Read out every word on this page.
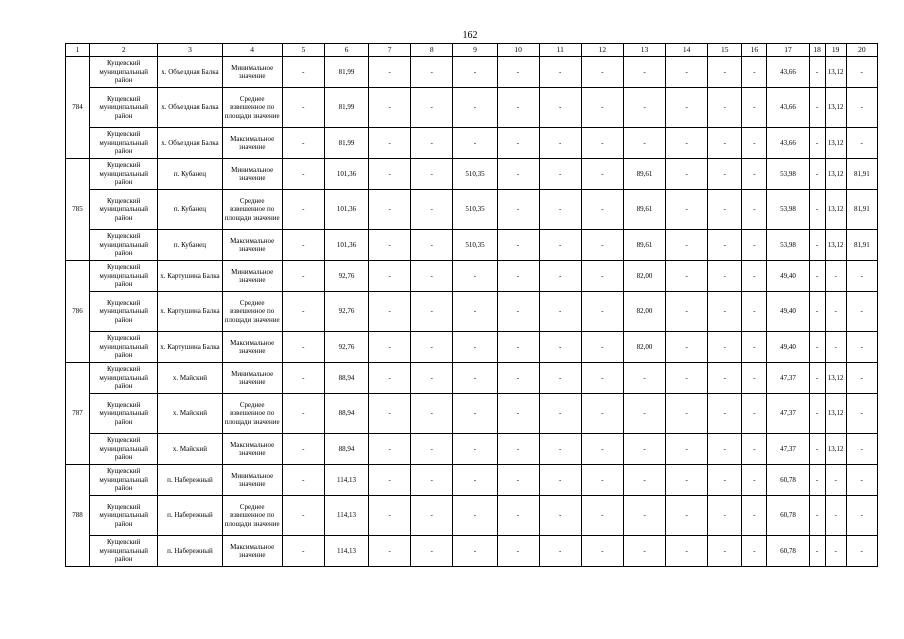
162
1	2	3	4	5	6	7	8	9	10	11	12	13	14	15	16	17	18	19	20
784	Кущевский муниципальный район	х. Объездная Балка	Минимальное значение	-	81,99	-	-	-	-	-	-	-	-	-	-	43,66	-	13,12	-
	Кущевский муниципальный район	х. Объездная Балка	Среднее взвешенное по площади значение	-	81,99	-	-	-	-	-	-	-	-	-	-	43,66	-	13,12	-
	Кущевский муниципальный район	х. Объездная Балка	Максимальное значение	-	81,99	-	-	-	-	-	-	-	-	-	-	43,66	-	13,12	-
785	Кущевский муниципальный район	п. Кубанец	Минимальное значение	-	101,36	-	-	510,35	-	-	-	89,61	-	-	-	53,98	-	13,12	81,91
	Кущевский муниципальный район	п. Кубанец	Среднее взвешенное по площади значение	-	101,36	-	-	510,35	-	-	-	89,61	-	-	-	53,98	-	13,12	81,91
	Кущевский муниципальный район	п. Кубанец	Максимальное значение	-	101,36	-	-	510,35	-	-	-	89,61	-	-	-	53,98	-	13,12	81,91
786	Кущевский муниципальный район	х. Картушина Балка	Минимальное значение	-	92,76	-	-	-	-	-	-	82,00	-	-	-	49,40	-	-	-
	Кущевский муниципальный район	х. Картушина Балка	Среднее взвешенное по площади значение	-	92,76	-	-	-	-	-	-	82,00	-	-	-	49,40	-	-	-
	Кущевский муниципальный район	х. Картушина Балка	Максимальное значение	-	92,76	-	-	-	-	-	-	82,00	-	-	-	49,40	-	-	-
787	Кущевский муниципальный район	х. Майский	Минимальное значение	-	88,94	-	-	-	-	-	-	-	-	-	-	47,37	-	13,12	-
	Кущевский муниципальный район	х. Майский	Среднее взвешенное по площади значение	-	88,94	-	-	-	-	-	-	-	-	-	-	47,37	-	13,12	-
	Кущевский муниципальный район	х. Майский	Максимальное значение	-	88,94	-	-	-	-	-	-	-	-	-	-	47,37	-	13,12	-
788	Кущевский муниципальный район	п. Набережный	Минимальное значение	-	114,13	-	-	-	-	-	-	-	-	-	-	60,78	-	-	-
	Кущевский муниципальный район	п. Набережный	Среднее взвешенное по площади значение	-	114,13	-	-	-	-	-	-	-	-	-	-	60,78	-	-	-
	Кущевский муниципальный район	п. Набережный	Максимальное значение	-	114,13	-	-	-	-	-	-	-	-	-	-	60,78	-	-	-
